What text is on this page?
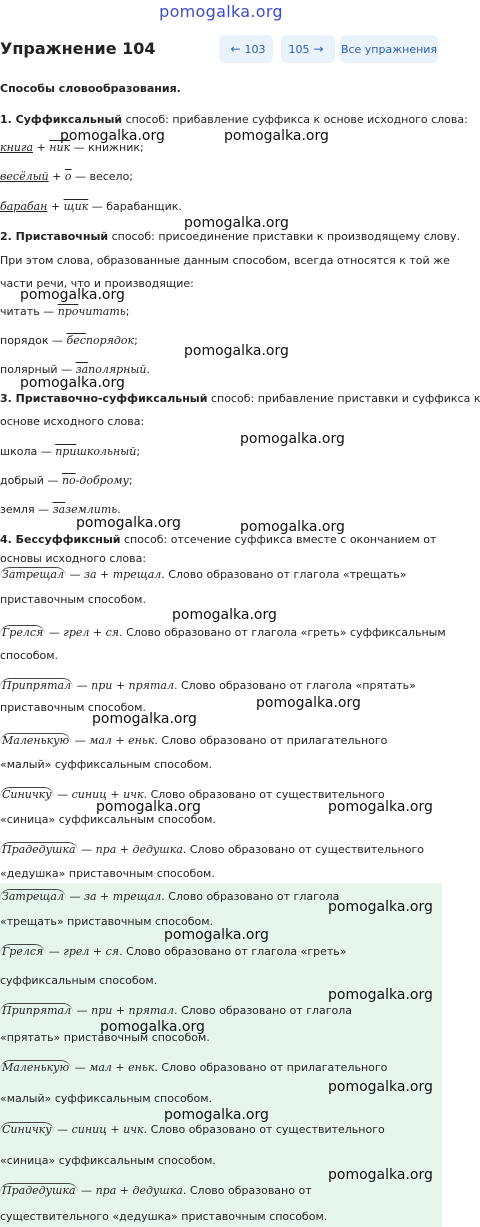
pomogalka.org
Упражнение 104	← 103 105 → Все упражнения
Способы словообразования.
1. Суффиксальный способ: прибавление суффикса к основе исходного слова:
книга + ник — книжник;
весёлый + о — весело;
барабан + щик — барабанщик.
2. Приставочный способ: присоединение приставки к производящему слову.
При этом слова, образованные данным способом, всегда относятся к той же
части речи, что и производящие:
читать — прочитать;
порядок — беспорядок;
полярный — заполярный.
3. Приставочно-суффиксальный способ: прибавление приставки и суффикса к
основе исходного слова:
школа — пришкольный;
добрый — по-доброму;
земля — заземлить.
4. Бессуффиксный способ: отсечение суффикса вместе с окончанием от
основы исходного слова:
Затрещал — за + трещал. Слово образовано от глагола «трещать»
приставочным способом.
Грелся — грел + ся. Слово образовано от глагола «греть» суффиксальным
способом.
Припрятал — при + прятал. Слово образовано от глагола «прятать»
приставочным способом.
Маленькую — мал + еньк. Слово образовано от прилагательного
«малый» суффиксальным способом.
Синичку — синиц + ичк. Слово образовано от существительного
«синица» суффиксальным способом.
Прадедушка — пра + дедушка. Слово образовано от существительного
«дедушка» приставочным способом.
Затрещал — за + трещал. Слово образовано от глагола
«трещать» приставочным способом.
Грелся — грел + ся. Слово образовано от глагола «греть»
суффиксальным способом.
Припрятал — при + прятал. Слово образовано от глагола
«прятать» приставочным способом.
Маленькую — мал + еньк. Слово образовано от прилагательного
«малый» суффиксальным способом.
Синичку — синиц + ичк. Слово образовано от существительного
«синица» суффиксальным способом.
Прадедушка — пра + дедушка. Слово образовано от
существительного «дедушка» приставочным способом.
pomogalka.org	pomogalka.org
pomogalka.org
pomogalka.org
pomogalka.org
pomogalka.org
pomogalka.org
pomogalka.org	pomogalka.org
pomogalka.org
pomogalka.org
pomogalka.org
pomogalka.org	pomogalka.org
pomogalka.org
pomogalka.org
pomogalka.org
pomogalka.org
pomogalka.org
pomogalka.org
pomogalka.org
